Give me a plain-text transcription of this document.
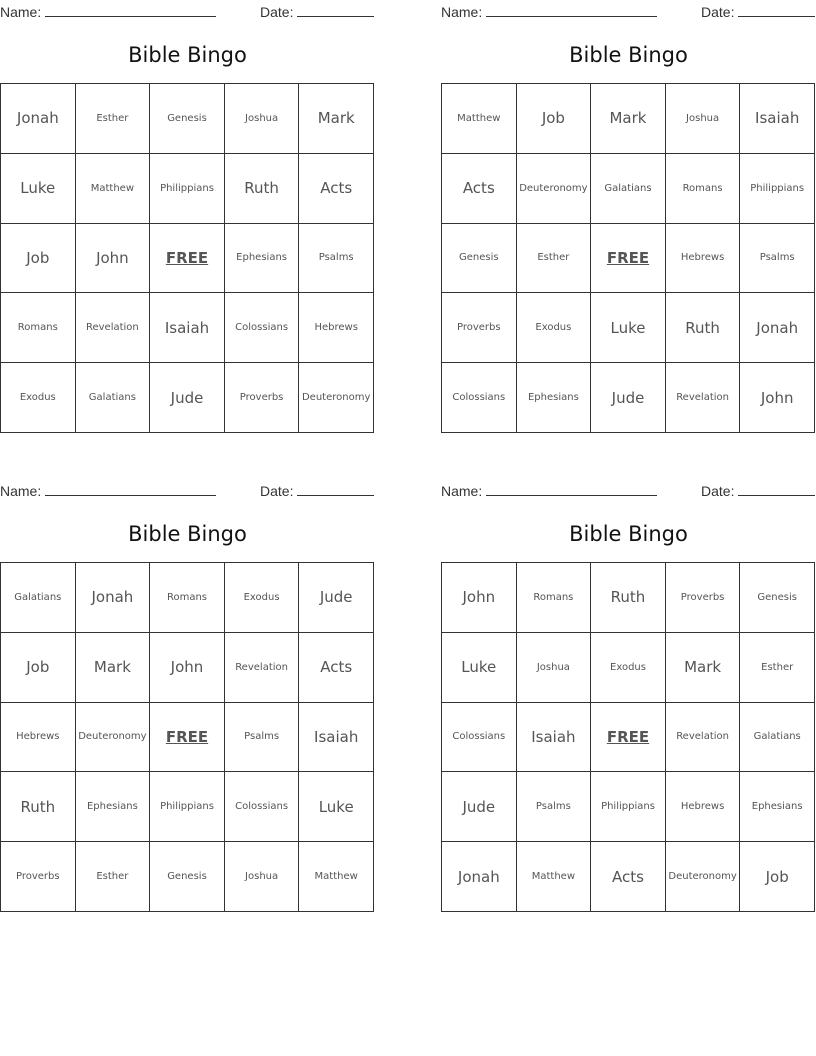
Name:	Date:
Bible Bingo
Jonah	Esther	Genesis	Joshua	Mark
Luke	Matthew	Philippians	Ruth	Acts
Job	John	FREE	Ephesians	Psalms
Romans	Revelation	Isaiah	Colossians	Hebrews
Exodus	Galatians	Jude	Proverbs	Deuteronomy
Name:	Date:
Bible Bingo
Matthew	Job	Mark	Joshua	Isaiah
Acts	Deuteronomy	Galatians	Romans	Philippians
Genesis	Esther	FREE	Hebrews	Psalms
Proverbs	Exodus	Luke	Ruth	Jonah
Colossians	Ephesians	Jude	Revelation	John
Name:	Date:
Bible Bingo
Galatians	Jonah	Romans	Exodus	Jude
Job	Mark	John	Revelation	Acts
Hebrews	Deuteronomy	FREE	Psalms	Isaiah
Ruth	Ephesians	Philippians	Colossians	Luke
Proverbs	Esther	Genesis	Joshua	Matthew
Name:	Date:
Bible Bingo
John	Romans	Ruth	Proverbs	Genesis
Luke	Joshua	Exodus	Mark	Esther
Colossians	Isaiah	FREE	Revelation	Galatians
Jude	Psalms	Philippians	Hebrews	Ephesians
Jonah	Matthew	Acts	Deuteronomy	Job
